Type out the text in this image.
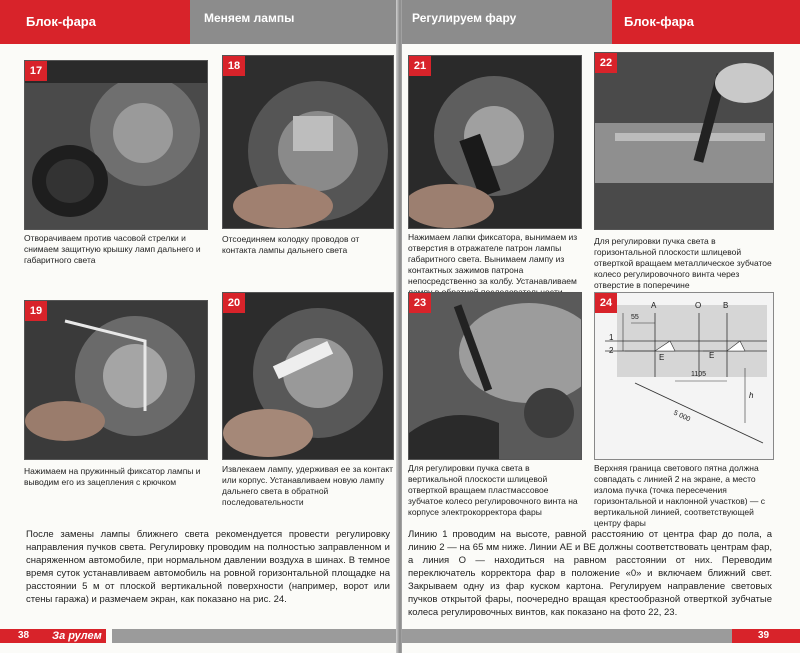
Блок-фара	Меняем лампы
17
Отворачиваем против часовой стрелки и снимаем защитную крышку ламп дальнего и габаритного света
18
Отсоединяем колодку проводов от контакта лампы дальнего света
19
Нажимаем на пружинный фиксатор лампы и выводим его из зацепления с крючком
20
Извлекаем лампу, удерживая ее за контакт или корпус. Устанавливаем новую лампу дальнего света в обратной последовательности
После замены лампы ближнего света рекомендуется провести регулировку направления пучков света. Регулировку проводим на полностью заправленном и снаряженном автомобиле, при нормальном давлении воздуха в шинах. В темное время суток устанавливаем автомобиль на ровной горизонтальной площадке на расстоянии 5 м от плоской вертикальной поверхности (например, ворот или стены гаража) и размечаем экран, как показано на рис. 24.
38	За рулем
Регулируем фару	Блок-фара
21
Нажимаем лапки фиксатора, вынимаем из отверстия в отражателе патрон лампы габаритного света. Вынимаем лампу из контактных зажимов патрона непосредственно за колбу. Устанавливаем
22
Для регулировки пучка света в горизонтальной плоскости шлицевой отверткой вращаем металлическое зубчатое колесо регулировочного винта через отверстие в поперечине
23
Для регулировки пучка света в вертикальной плоскости шлицевой отверткой вращаем пластмассовое зубчатое колесо регулировочного винта на корпусе электрокорректора фары
24	A	O	B
55
1
2
E	E
1105
h
5 000
Верхняя граница светового пятна должна совпадать с линией 2 на экране, а место излома пучка (точка пересечения горизонтальной и наклонной участков) — с вертикальной линией, соответствующей центру фары
Линию 1 проводим на высоте, равной расстоянию от центра фар до пола, а линию 2 — на 65 мм ниже. Линии АЕ и ВЕ должны соответствовать центрам фар, а линия О — находиться на равном расстоянии от них. Переводим переключатель корректора фар в положение «0» и включаем ближний свет. Закрываем одну из фар куском картона. Регулируем направление световых пучков открытой фары, поочередно вращая крестообразной отверткой зубчатые колеса регулировочных винтов, как показано на фото 22, 23.
39
